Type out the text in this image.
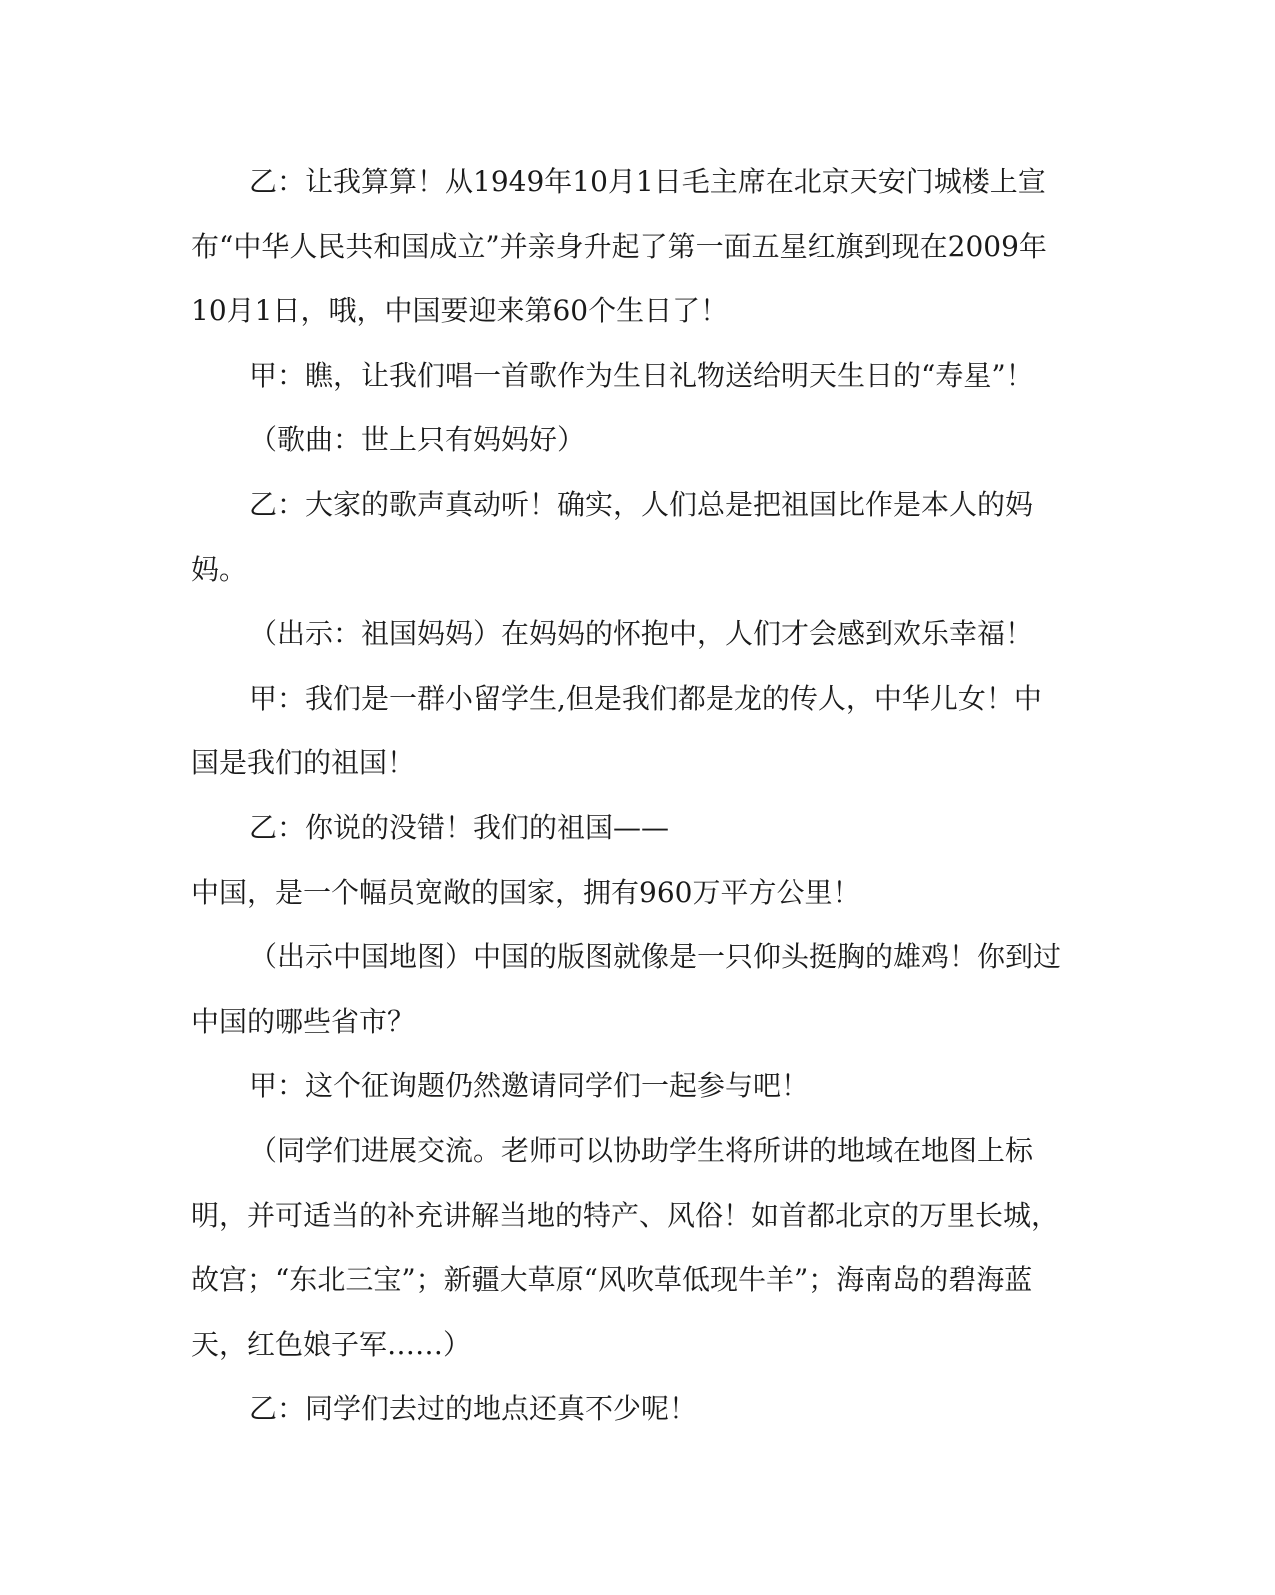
乙：让我算算！从1949年10月1日毛主席在北京天安门城楼上宣布“中华人民共和国成立”并亲身升起了第一面五星红旗到现在2009年10月1日，哦，中国要迎来第60个生日了！

甲：瞧，让我们唱一首歌作为生日礼物送给明天生日的“寿星”！

（歌曲：世上只有妈妈好）

乙：大家的歌声真动听！确实，人们总是把祖国比作是本人的妈妈。

（出示：祖国妈妈）在妈妈的怀抱中，人们才会感到欢乐幸福！

甲：我们是一群小留学生,但是我们都是龙的传人，中华儿女！中国是我们的祖国！

乙：你说的没错！我们的祖国——

中国，是一个幅员宽敞的国家，拥有960万平方公里！

（出示中国地图）中国的版图就像是一只仰头挺胸的雄鸡！你到过中国的哪些省市？

甲：这个征询题仍然邀请同学们一起参与吧！

（同学们进展交流。老师可以协助学生将所讲的地域在地图上标明，并可适当的补充讲解当地的特产、风俗！如首都北京的万里长城，故宫；“东北三宝”；新疆大草原“风吹草低现牛羊”；海南岛的碧海蓝天，红色娘子军……）

乙：同学们去过的地点还真不少呢！
